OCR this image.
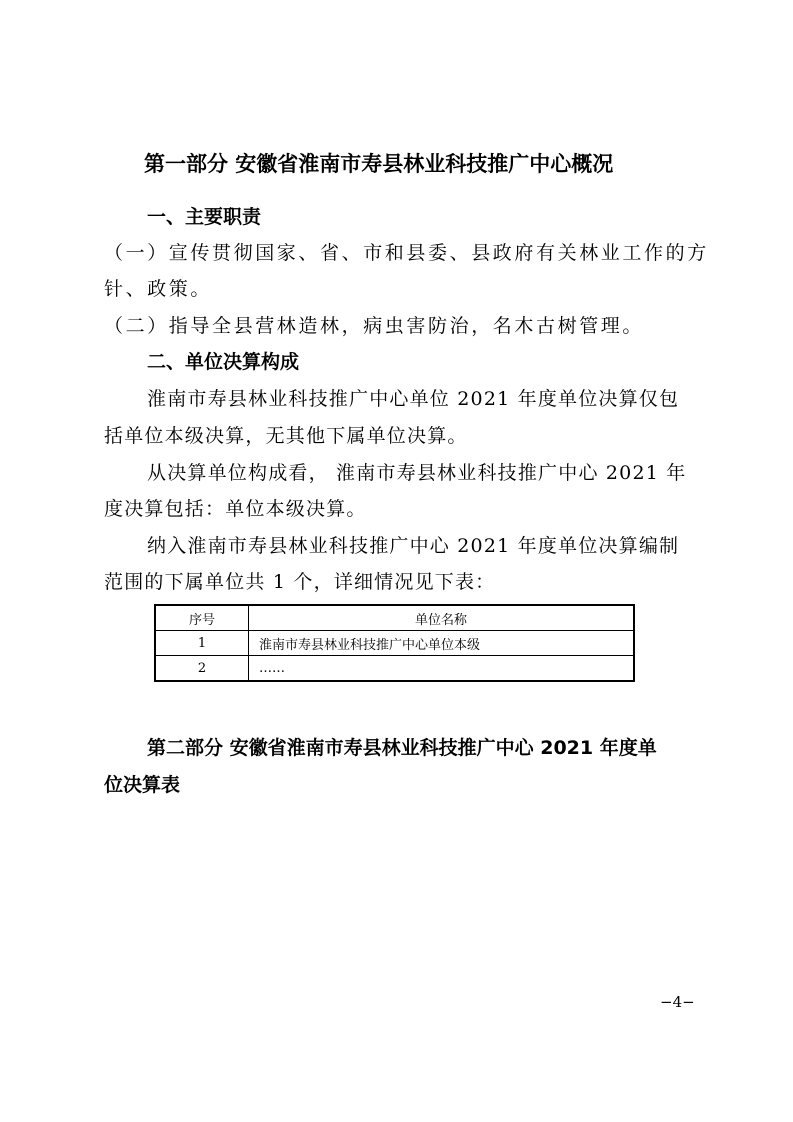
第一部分 安徽省淮南市寿县林业科技推广中心概况
一、主要职责
（一）宣传贯彻国家、省、市和县委、县政府有关林业工作的方
针、政策。
（二）指导全县营林造林，病虫害防治，名木古树管理。
二、单位决算构成
淮南市寿县林业科技推广中心单位 2021 年度单位决算仅包
括单位本级决算，无其他下属单位决算。
从决算单位构成看， 淮南市寿县林业科技推广中心 2021 年
度决算包括：单位本级决算。
纳入淮南市寿县林业科技推广中心 2021 年度单位决算编制
范围的下属单位共 1 个，详细情况见下表：
序号	单位名称
1	淮南市寿县林业科技推广中心单位本级
2	……
第二部分 安徽省淮南市寿县林业科技推广中心 2021 年度单
位决算表
−4−
